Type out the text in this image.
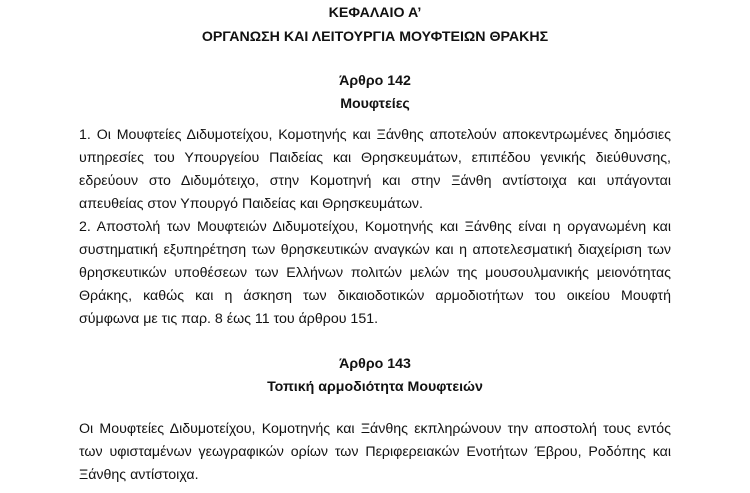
ΚΕΦΑΛΑΙΟ Α’
ΟΡΓΑΝΩΣΗ ΚΑΙ ΛΕΙΤΟΥΡΓΙΑ ΜΟΥΦΤΕΙΩΝ ΘΡΑΚΗΣ
Άρθρο 142
Μουφτείες
1. Οι Μουφτείες Διδυμοτείχου, Κομοτηνής και Ξάνθης αποτελούν αποκεντρωμένες δημόσιες
υπηρεσίες του Υπουργείου Παιδείας και Θρησκευμάτων, επιπέδου γενικής διεύθυνσης,
εδρεύουν στο Διδυμότειχο, στην Κομοτηνή και στην Ξάνθη αντίστοιχα και υπάγονται
απευθείας στον Υπουργό Παιδείας και Θρησκευμάτων.
2. Αποστολή των Μουφτειών Διδυμοτείχου, Κομοτηνής και Ξάνθης είναι η οργανωμένη και
συστηματική εξυπηρέτηση των θρησκευτικών αναγκών και η αποτελεσματική διαχείριση των
θρησκευτικών υποθέσεων των Ελλήνων πολιτών μελών της μουσουλμανικής μειονότητας
Θράκης, καθώς και η άσκηση των δικαιοδοτικών αρμοδιοτήτων του οικείου Μουφτή
σύμφωνα με τις παρ. 8 έως 11 του άρθρου 151.
Άρθρο 143
Τοπική αρμοδιότητα Μουφτειών
Οι Μουφτείες Διδυμοτείχου, Κομοτηνής και Ξάνθης εκπληρώνουν την αποστολή τους εντός
των υφισταμένων γεωγραφικών ορίων των Περιφερειακών Ενοτήτων Έβρου, Ροδόπης και
Ξάνθης αντίστοιχα.
